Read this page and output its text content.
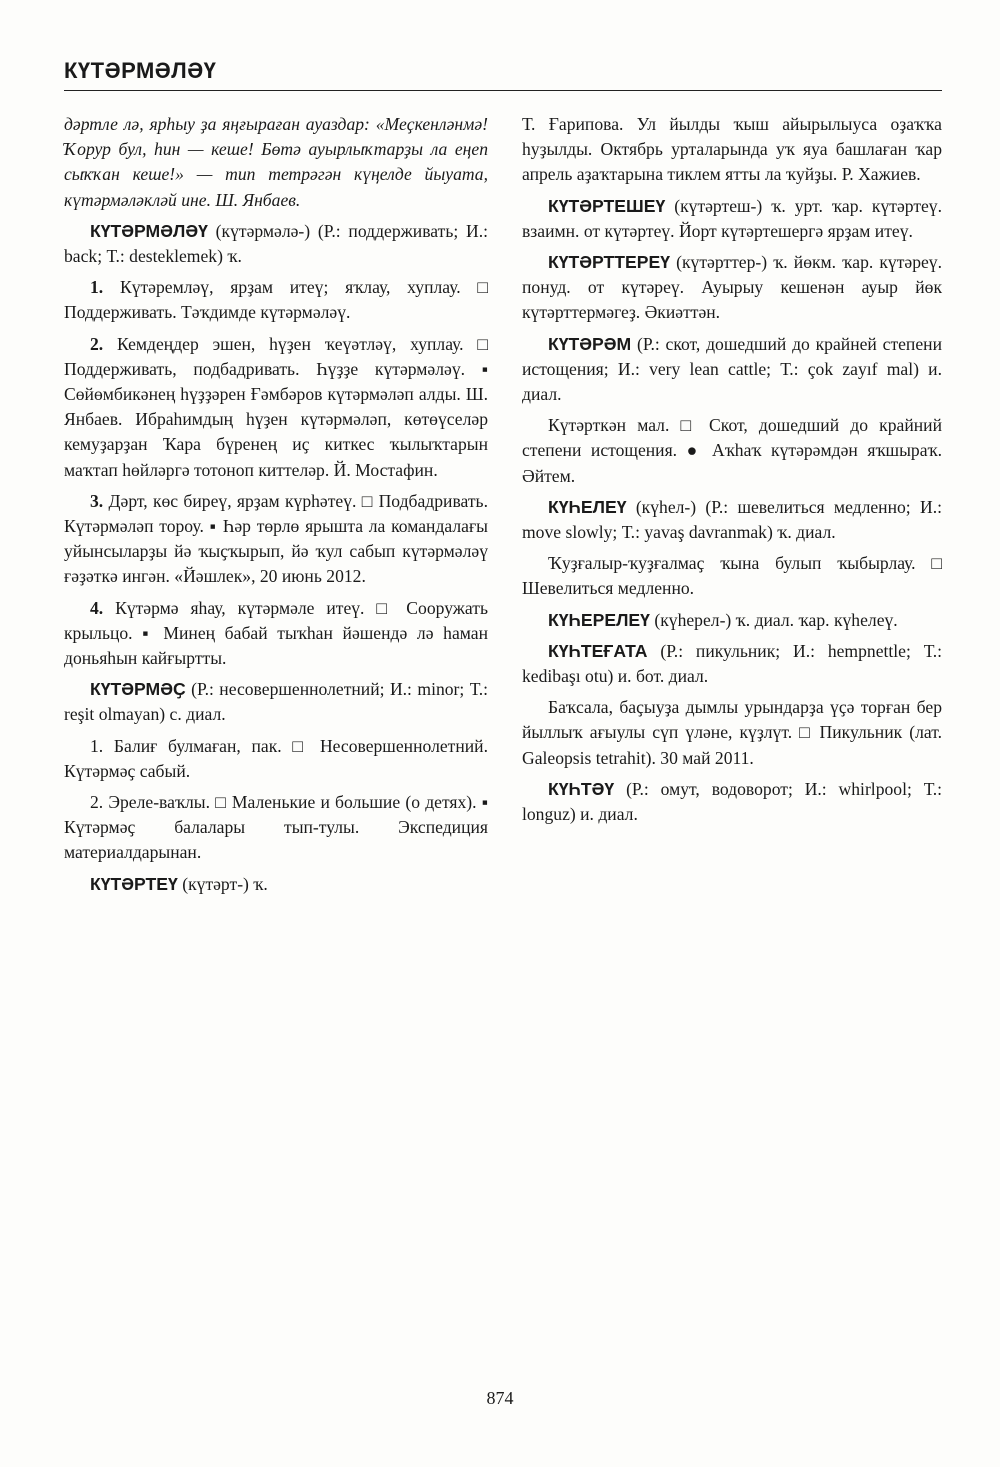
КҮТӘРМӘЛӘҮ

дәртле лә, ярһыу ҙа яңғыраған ауаздар: «Меҫкенләнмә! Ҡорур бул, һин — кеше! Бөтә ауырлыҡтарҙы ла еңеп сыҡҡан кеше!» — тип тетрәгән күңелде йыуата, күтәрмәләкләй ине. Ш. Янбаев.

КҮТӘРМӘЛӘҮ (күтәрмәлә-) (Р.: поддерживать; И.: back; Т.: desteklemek) ҡ.

1. Күтәремләү, ярҙам итеү; яҡлау, хуплау. □ Поддерживать. Тәҡдимде күтәрмәләү.

2. Кемдеңдер эшен, һүҙен ҡеүәтләү, хуплау. □ Поддерживать, подбадривать. Һүҙҙе күтәрмәләү. ▪ Сөйөмбикәнең һүҙҙәрен Ғәмбәров күтәрмәләп алды. Ш. Янбаев. Ибраһимдың һүҙен күтәрмәләп, көтөүселәр кемуҙарҙан Ҡара бүренең иҫ киткес ҡылыҡтарын маҡтап һөйләргә тотоноп киттеләр. Й. Мостафин.

3. Дәрт, көс биреү, ярҙам күрһәтеү. □ Подбадривать. Күтәрмәләп тороу. ▪ Һәр төрлө ярышта ла командалағы уйынсыларҙы йә ҡыҫҡырып, йә ҡул сабып күтәрмәләү ғәҙәткә ингән. «Йәшлек», 20 июнь 2012.

4. Күтәрмә яһау, күтәрмәле итеү. □ Сооружать крыльцо. ▪ Минең бабай тыҡһан йәшендә лә һаман доньяһын кайғыртты.

КҮТӘРМӘҪ (Р.: несовершеннолетний; И.: minor; Т.: reşit olmayan) с. диал.

1. Балиғ булмаған, пак. □ Несовершеннолетний. Күтәрмәҫ сабый.

2. Эреле-ваҡлы. □ Маленькие и большие (о детях). ▪ Күтәрмәҫ балалары тып-тулы. Экспедиция материалдарынан.

КҮТӘРТЕҮ (күтәрт-) ҡ.

Т. Ғарипова. Ул йылды ҡыш айырылыуса оҙаҡҡа һуҙылды. Октябрь урталарында уҡ яуа башлаған ҡар апрель аҙаҡтарына тиклем ятты ла ҡуйҙы. Р. Хажиев.

КҮТӘРТЕШЕҮ (күтәртеш-) ҡ. урт. ҡар. күтәртеү. взаимн. от күтәртеү. Йорт күтәртешергә ярҙам итеү.

КҮТӘРТТЕРЕҮ (күтәрттер-) ҡ. йөкм. ҡар. күтәреү. понуд. от күтәреү. Ауырыу кешенән ауыр йөк күтәрттермәгеҙ. Әкиәттән.

КҮТӘРӘМ (Р.: скот, дошедший до крайней степени истощения; И.: very lean cattle; Т.: çok zayıf mal) и. диал.

Күтәрткән мал. □ Скот, дошедший до крайний степени истощения. ● Аҡһаҡ күтәрәмдән яҡшыраҡ. Әйтем.

КҮҺЕЛЕҮ (күһел-) (Р.: шевелиться медленно; И.: move slowly; Т.: yavaş davranmak) ҡ. диал.

Ҡуҙғалыр-ҡуҙғалмаҫ ҡына булып ҡыбырлау. □ Шевелиться медленно.

КҮҺЕРЕЛЕҮ (күһерел-) ҡ. диал. ҡар. күһелеү.

КҮҺТЕҒАТА (Р.: пикульник; И.: hempnettle; Т.: kedibaşı otu) и. бот. диал.

Баҡсала, баҫыуҙа дымлы урындарҙа үҫә торған бер йыллыҡ ағыулы сүп үләне, күҙлүт. □ Пикульник (лат. Galeopsis tetrahit). 30 май 2011.

КҮҺТӘҮ (Р.: омут, водоворот; И.: whirlpool; Т.: longuz) и. диал.

874
